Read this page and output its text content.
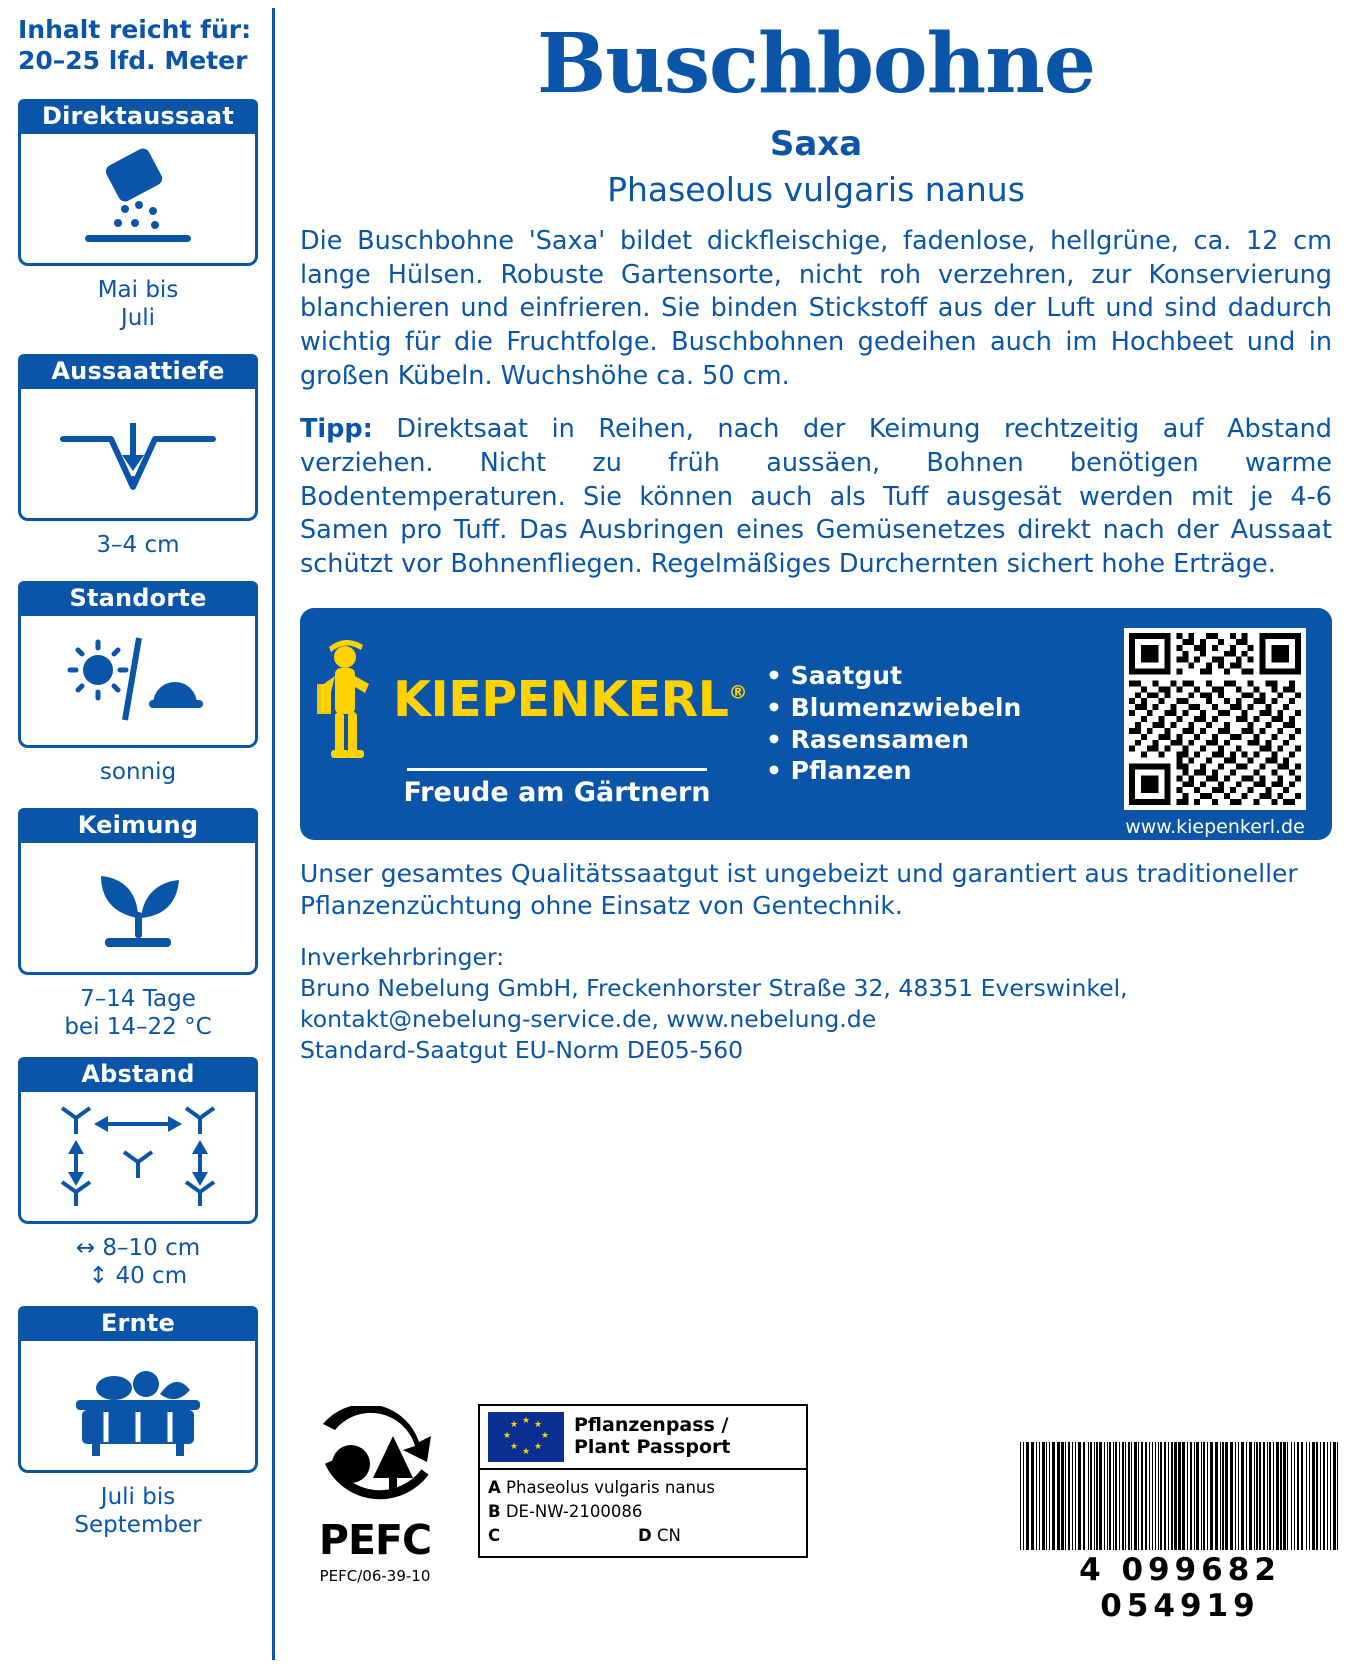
Inhalt reicht für:
20–25 lfd. Meter
Direktaussaat
Mai bis
Juli
Aussaattiefe
3–4 cm
Standorte
sonnig
Keimung
7–14 Tage
bei 14–22 °C
Abstand
↔ 8–10 cm
↕ 40 cm
Ernte
Juli bis
September
Buschbohne
Saxa
Phaseolus vulgaris nanus

Die Buschbohne 'Saxa' bildet dickfleischige, fadenlose, hellgrüne, ca. 12 cm lange Hülsen. Robuste Gartensorte, nicht roh verzehren, zur Konservierung blanchieren und einfrieren. Sie binden Stickstoff aus der Luft und sind dadurch wichtig für die Fruchtfolge. Buschbohnen gedeihen auch im Hochbeet und in großen Kübeln. Wuchshöhe ca. 50 cm.

Tipp: Direktsaat in Reihen, nach der Keimung rechtzeitig auf Abstand verziehen. Nicht zu früh aussäen, Bohnen benötigen warme Bodentemperaturen. Sie können auch als Tuff ausgesät werden mit je 4-6 Samen pro Tuff. Das Ausbringen eines Gemüsenetzes direkt nach der Aussaat schützt vor Bohnenfliegen. Regelmäßiges Durchernten sichert hohe Erträge.

KIEPENKERL®
Freude am Gärtnern
• Saatgut
• Blumenzwiebeln
• Rasensamen
• Pflanzen
www.kiepenkerl.de
Unser gesamtes Qualitätssaatgut ist ungebeizt und garantiert aus traditioneller Pflanzenzüchtung ohne Einsatz von Gentechnik.
Inverkehrbringer:
Bruno Nebelung GmbH, Freckenhorster Straße 32, 48351 Everswinkel,
kontakt@nebelung-service.de, www.nebelung.de
Standard-Saatgut EU-Norm DE05-560
PEFC
PEFC/06-39-10
★ ★
★
★
★
★
★
★	Pflanzenpass /
Plant Passport
A Phaseolus vulgaris nanus
B DE-NW-2100086
C	D CN
4 099682 054919
